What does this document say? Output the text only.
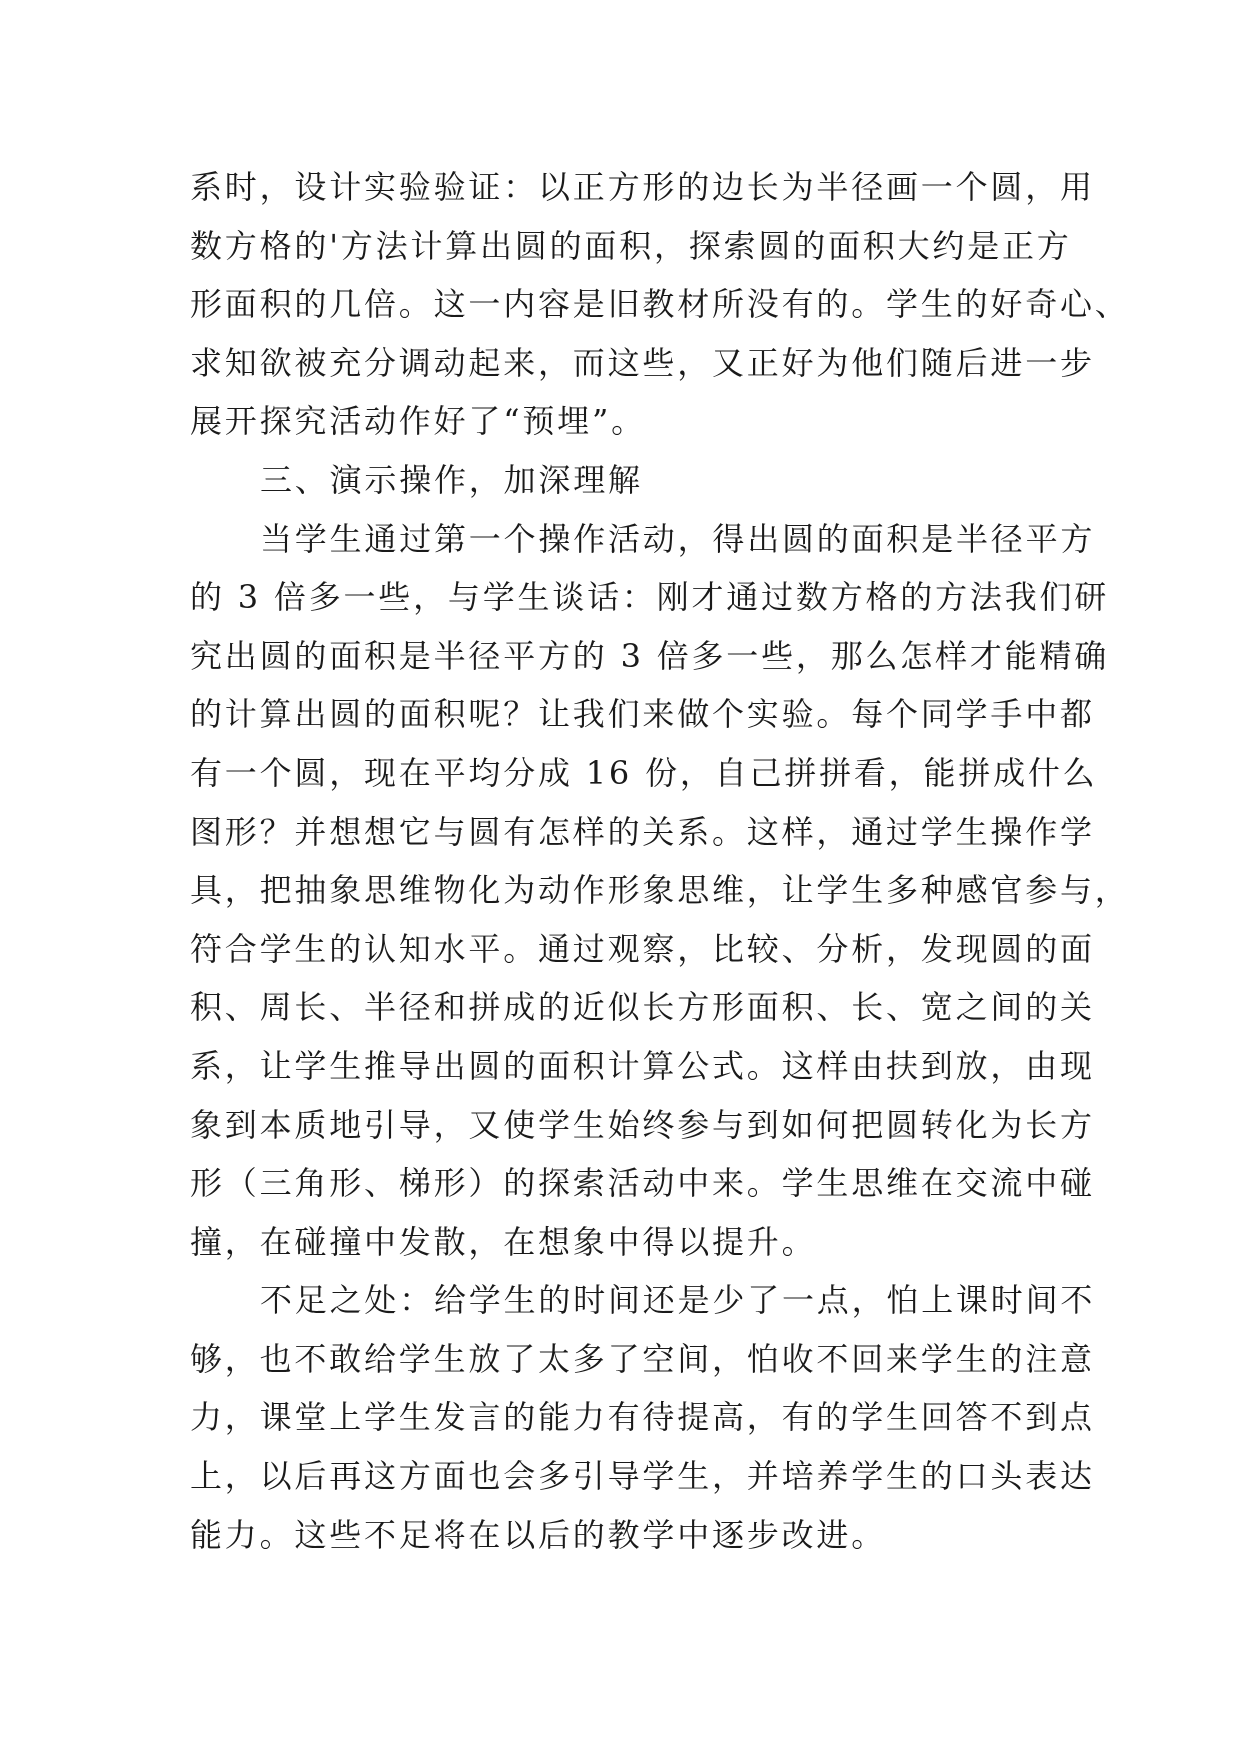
系时，设计实验验证：以正方形的边长为半径画一个圆，用
数方格的'方法计算出圆的面积，探索圆的面积大约是正方
形面积的几倍。这一内容是旧教材所没有的。学生的好奇心、
求知欲被充分调动起来，而这些，又正好为他们随后进一步
展开探究活动作好了“预埋”。
三、演示操作，加深理解
当学生通过第一个操作活动，得出圆的面积是半径平方
的 3 倍多一些，与学生谈话：刚才通过数方格的方法我们研
究出圆的面积是半径平方的 3 倍多一些，那么怎样才能精确
的计算出圆的面积呢？让我们来做个实验。每个同学手中都
有一个圆，现在平均分成 16 份，自己拼拼看，能拼成什么
图形？并想想它与圆有怎样的关系。这样，通过学生操作学
具，把抽象思维物化为动作形象思维，让学生多种感官参与，
符合学生的认知水平。通过观察，比较、分析，发现圆的面
积、周长、半径和拼成的近似长方形面积、长、宽之间的关
系，让学生推导出圆的面积计算公式。这样由扶到放，由现
象到本质地引导，又使学生始终参与到如何把圆转化为长方
形（三角形、梯形）的探索活动中来。学生思维在交流中碰
撞，在碰撞中发散，在想象中得以提升。
不足之处：给学生的时间还是少了一点，怕上课时间不
够，也不敢给学生放了太多了空间，怕收不回来学生的注意
力，课堂上学生发言的能力有待提高，有的学生回答不到点
上，以后再这方面也会多引导学生，并培养学生的口头表达
能力。这些不足将在以后的教学中逐步改进。
